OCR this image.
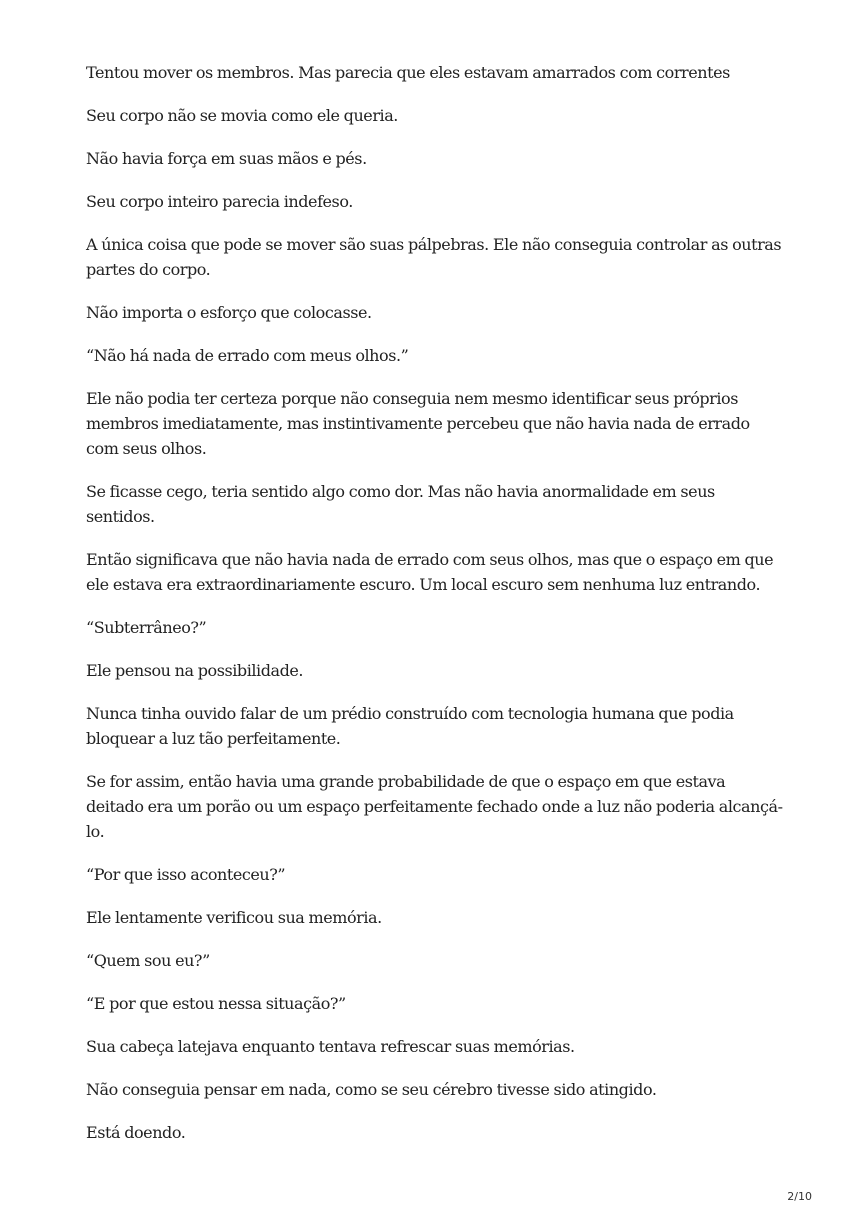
Tentou mover os membros. Mas parecia que eles estavam amarrados com correntes

Seu corpo não se movia como ele queria.

Não havia força em suas mãos e pés.

Seu corpo inteiro parecia indefeso.

A única coisa que pode se mover são suas pálpebras. Ele não conseguia controlar as outras partes do corpo.

Não importa o esforço que colocasse.

“Não há nada de errado com meus olhos.”

Ele não podia ter certeza porque não conseguia nem mesmo identificar seus próprios membros imediatamente, mas instintivamente percebeu que não havia nada de errado com seus olhos.

Se ficasse cego, teria sentido algo como dor. Mas não havia anormalidade em seus sentidos.

Então significava que não havia nada de errado com seus olhos, mas que o espaço em que ele estava era extraordinariamente escuro. Um local escuro sem nenhuma luz entrando.

“Subterrâneo?”

Ele pensou na possibilidade.

Nunca tinha ouvido falar de um prédio construído com tecnologia humana que podia bloquear a luz tão perfeitamente.

Se for assim, então havia uma grande probabilidade de que o espaço em que estava deitado era um porão ou um espaço perfeitamente fechado onde a luz não poderia alcançá-lo.

“Por que isso aconteceu?”

Ele lentamente verificou sua memória.

“Quem sou eu?”

“E por que estou nessa situação?”

Sua cabeça latejava enquanto tentava refrescar suas memórias.

Não conseguia pensar em nada, como se seu cérebro tivesse sido atingido.

Está doendo.

2/10
